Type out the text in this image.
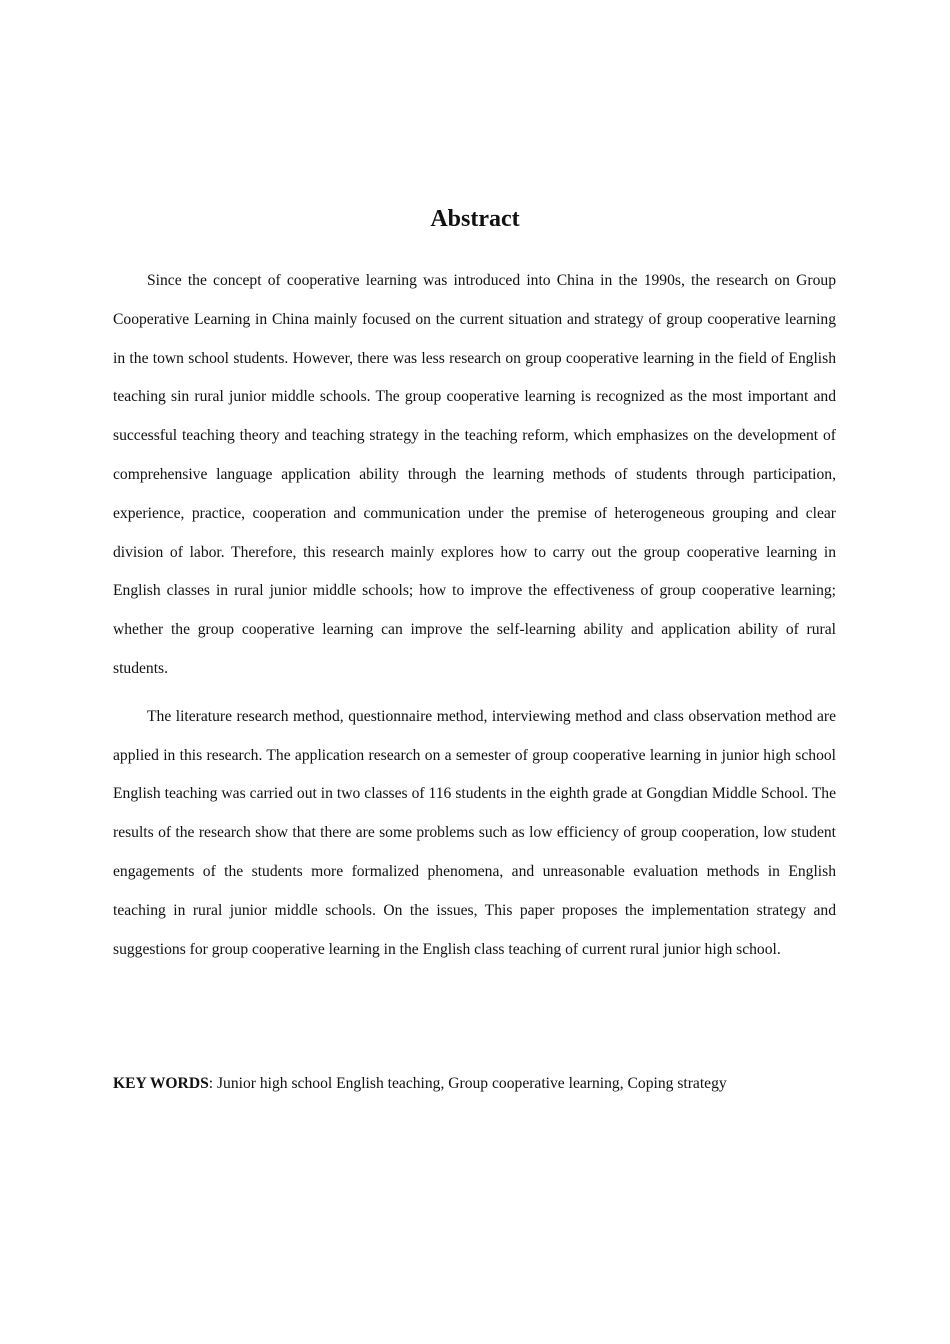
Abstract

Since the concept of cooperative learning was introduced into China in the 1990s, the research on Group Cooperative Learning in China mainly focused on the current situation and strategy of group cooperative learning in the town school students. However, there was less research on group cooperative learning in the field of English teaching sin rural junior middle schools. The group cooperative learning is recognized as the most important and successful teaching theory and teaching strategy in the teaching reform, which emphasizes on the development of comprehensive language application ability through the learning methods of students through participation, experience, practice, cooperation and communication under the premise of heterogeneous grouping and clear division of labor. Therefore, this research mainly explores how to carry out the group cooperative learning in English classes in rural junior middle schools; how to improve the effectiveness of group cooperative learning; whether the group cooperative learning can improve the self-learning ability and application ability of rural students.

The literature research method, questionnaire method, interviewing method and class observation method are applied in this research. The application research on a semester of group cooperative learning in junior high school English teaching was carried out in two classes of 116 students in the eighth grade at Gongdian Middle School. The results of the research show that there are some problems such as low efficiency of group cooperation, low student engagements of the students more formalized phenomena, and unreasonable evaluation methods in English teaching in rural junior middle schools. On the issues, This paper proposes the implementation strategy and suggestions for group cooperative learning in the English class teaching of current rural junior high school.

KEY WORDS: Junior high school English teaching, Group cooperative learning, Coping strategy
